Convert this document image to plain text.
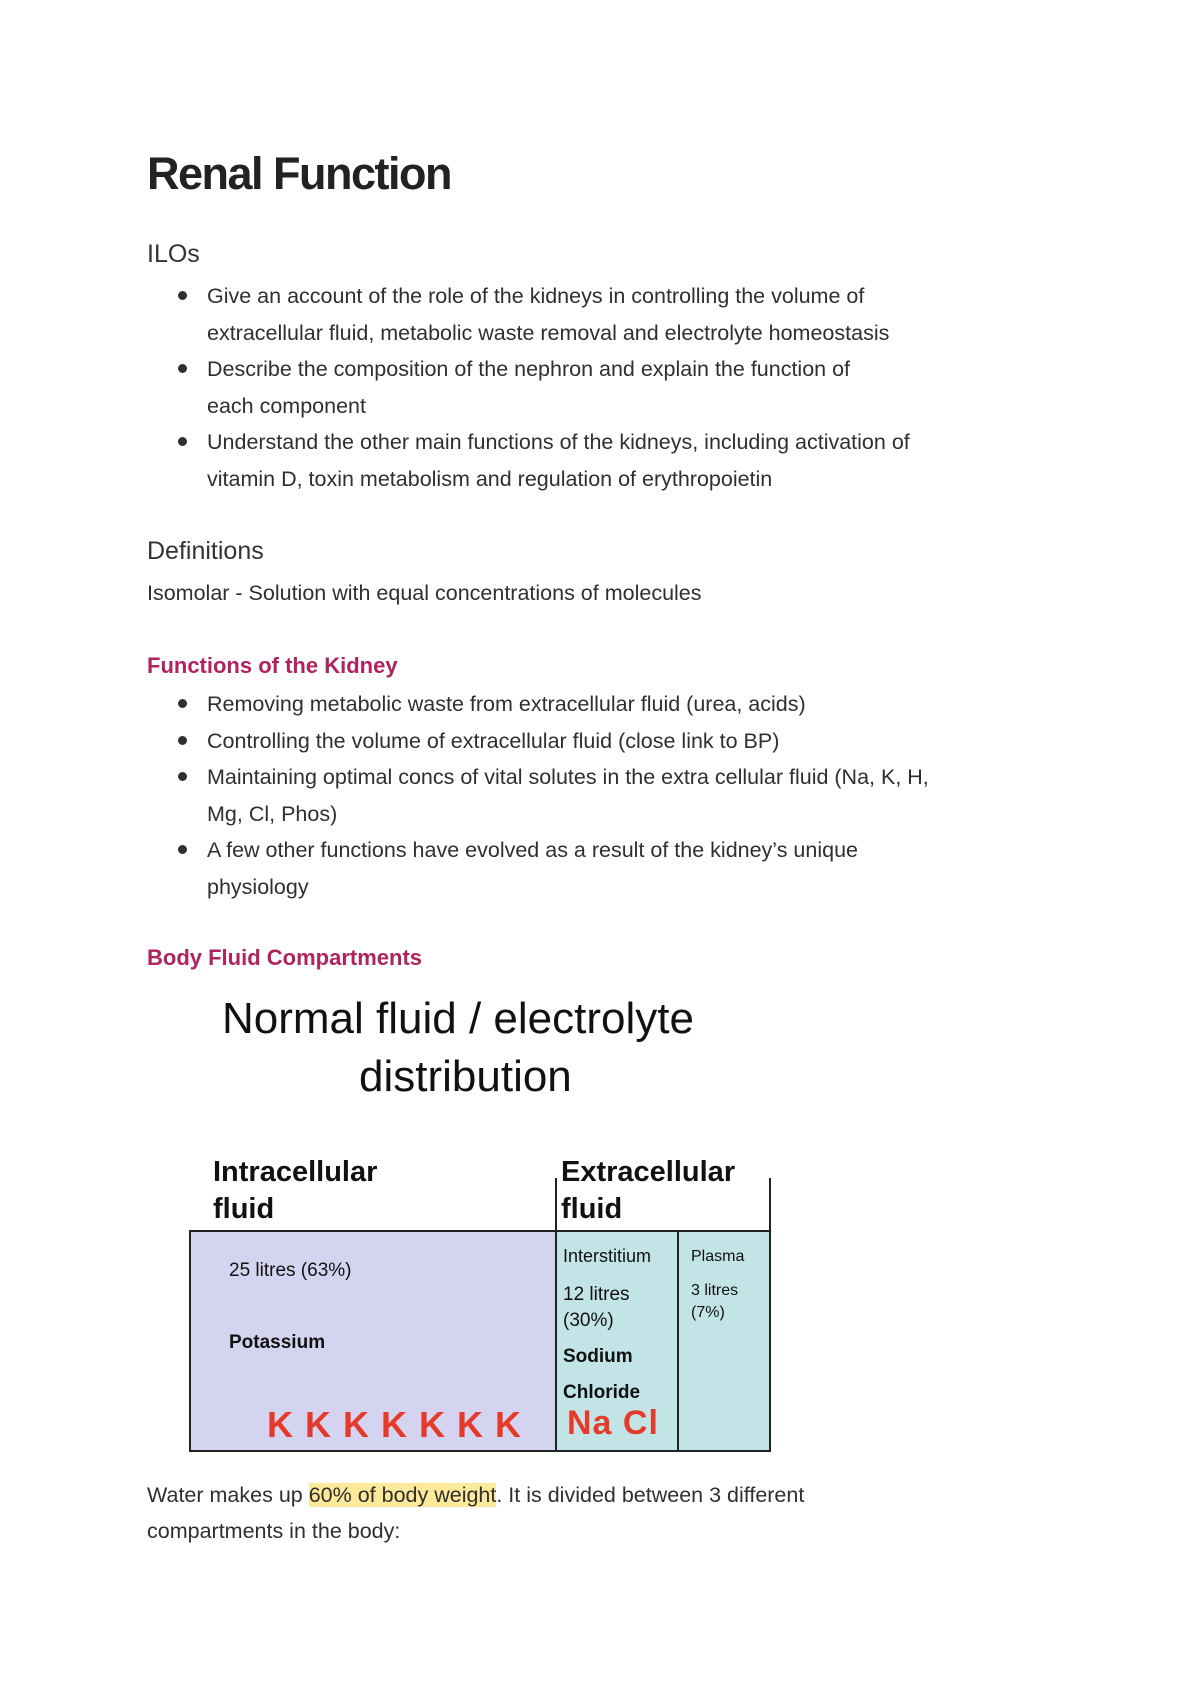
Renal Function
ILOs
Give an account of the role of the kidneys in controlling the volume of
extracellular fluid, metabolic waste removal and electrolyte homeostasis
Describe the composition of the nephron and explain the function of
each component
Understand the other main functions of the kidneys, including activation of
vitamin D, toxin metabolism and regulation of erythropoietin
Definitions

Isomolar - Solution with equal concentrations of molecules

Functions of the Kidney
Removing metabolic waste from extracellular fluid (urea, acids)
Controlling the volume of extracellular fluid (close link to BP)
Maintaining optimal concs of vital solutes in the extra cellular fluid (Na, K, H,
Mg, Cl, Phos)
A few other functions have evolved as a result of the kidney’s unique
physiology
Body Fluid Compartments
Normal fluid / electrolyte
distribution
Intracellular
fluid
Extracellular
fluid
25 litres (63%)
Potassium
K K K K K K K
Interstitium
12 litres
(30%)
Sodium
Chloride
Na Cl
Plasma
3 litres
(7%)

Water makes up 60% of body weight. It is divided between 3 different
compartments in the body:
